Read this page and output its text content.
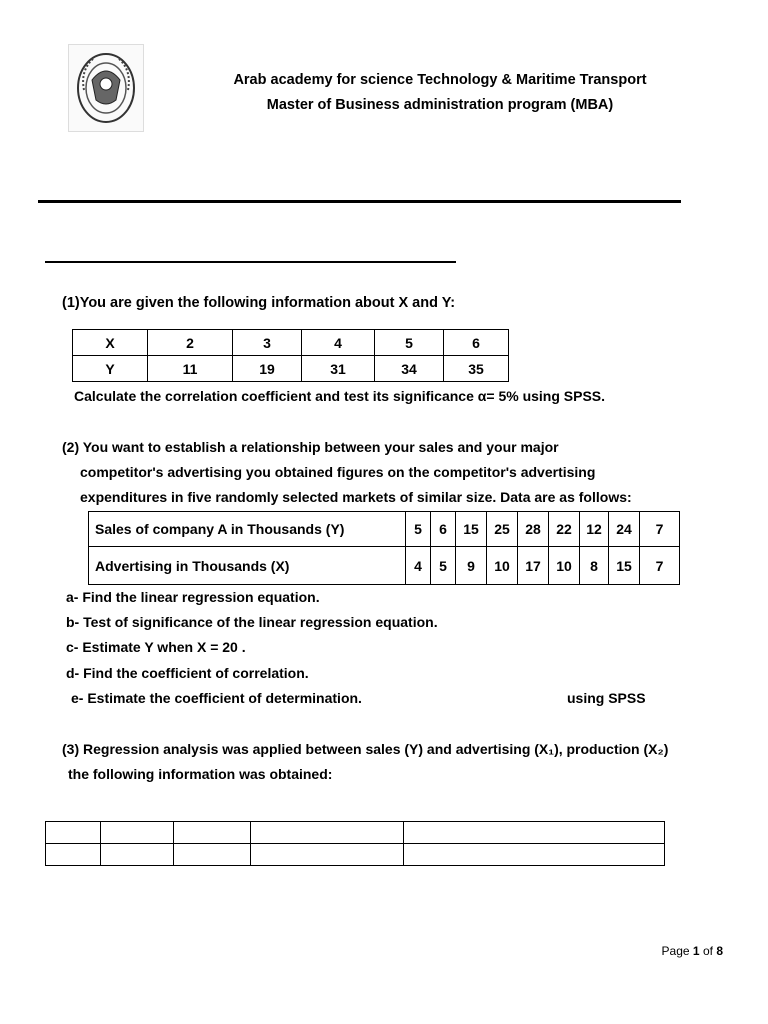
Arab academy for science Technology & Maritime Transport
Master of Business administration program (MBA)
(1)You are given the following information about X and Y:
X	2	3	4	5	6
Y	11	19	31	34	35
Calculate the correlation coefficient and test its significance α= 5% using SPSS.
(2) You want to establish a relationship between your sales and your major
competitor's advertising you obtained figures on the competitor's advertising
expenditures in five randomly selected markets of similar size. Data are as follows:
Sales of company A in Thousands (Y)	5	6	15	25	28	22	12	24	7
Advertising in Thousands (X)	4	5	9	10	17	10	8	15	7
a- Find the linear regression equation.
b- Test of significance of the linear regression equation.
c- Estimate Y when X = 20 .
d- Find the coefficient of correlation.
e- Estimate the coefficient of determination.	using SPSS
(3) Regression analysis was applied between sales (Y) and advertising (X₁), production (X₂)
the following information was obtained:

Page 1 of 8
